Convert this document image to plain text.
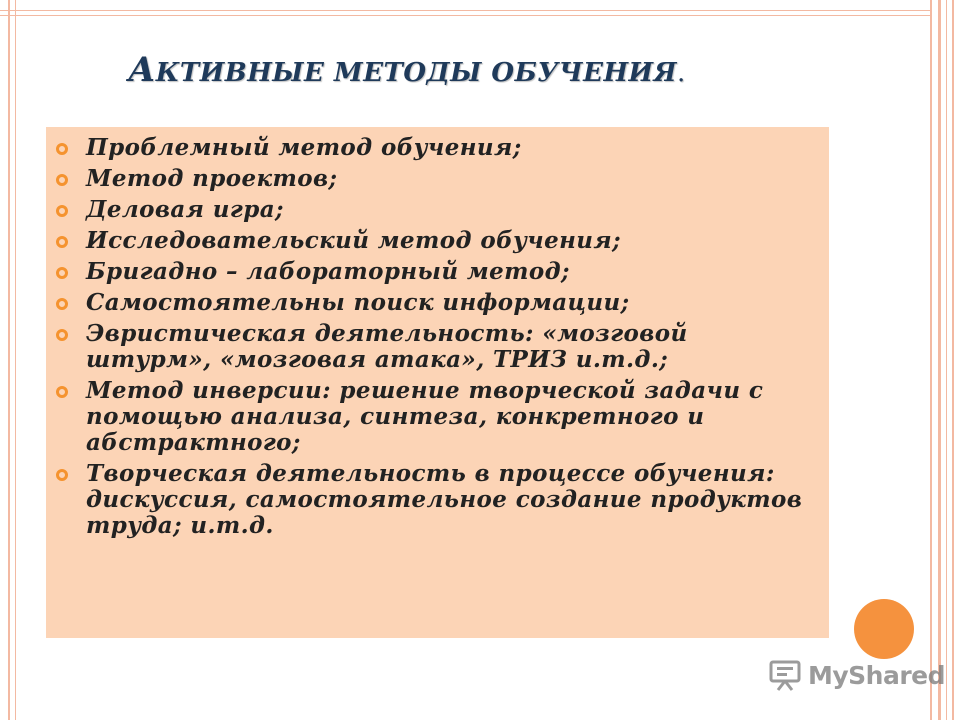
АКТИВНЫЕ МЕТОДЫ ОБУЧЕНИЯ.
Проблемный метод обучения;
Метод проектов;
Деловая игра;
Исследовательский метод обучения;
Бригадно – лабораторный метод;
Самостоятельны поиск информации;
Эвристическая деятельность: «мозговой штурм», «мозговая атака», ТРИЗ и.т.д.;
Метод инверсии: решение творческой задачи с помощью анализа, синтеза, конкретного и абстрактного;
Творческая деятельность в процессе обучения: дискуссия, самостоятельное создание продуктов труда; и.т.д.
MyShared
